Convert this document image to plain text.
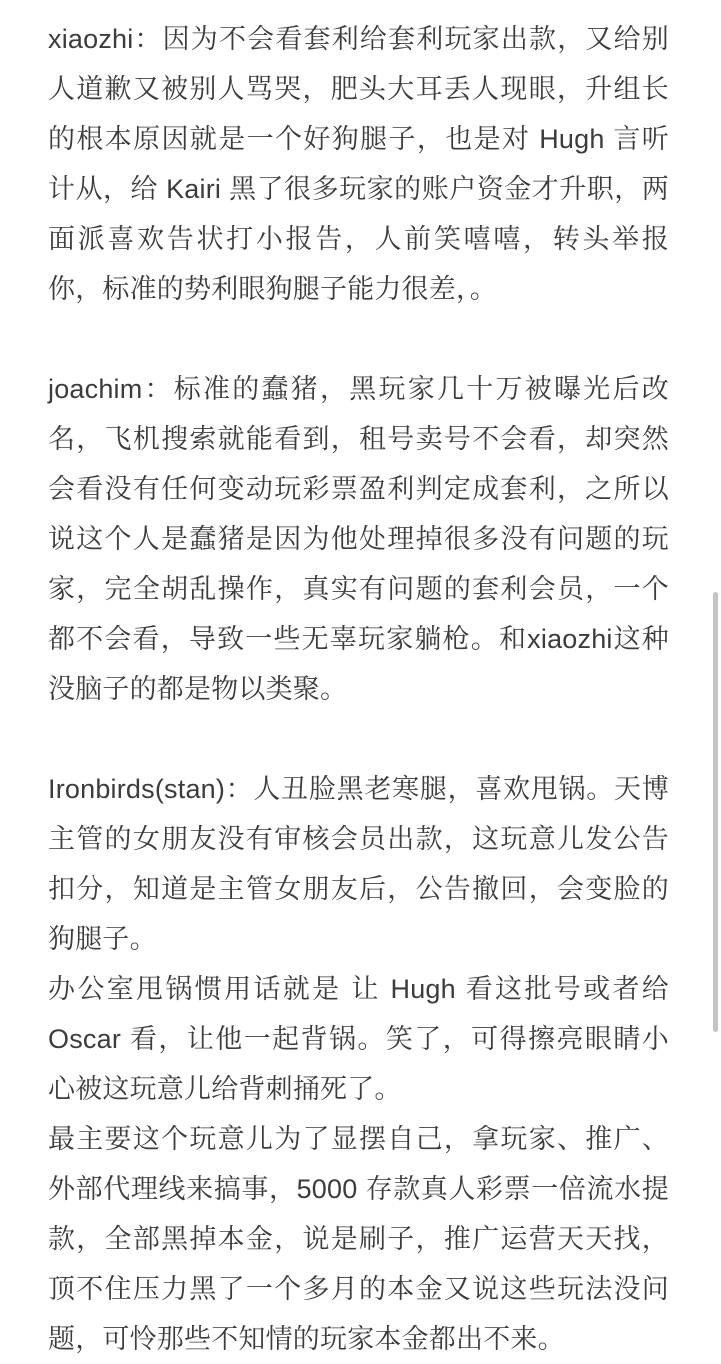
xiaozhi：因为不会看套利给套利玩家出款，又给别人道歉又被别人骂哭，肥头大耳丢人现眼，升组长的根本原因就是一个好狗腿子，也是对 Hugh 言听计从，给 Kairi 黑了很多玩家的账户资金才升职，两面派喜欢告状打小报告，人前笑嘻嘻，转头举报你，标准的势利眼狗腿子能力很差，。

joachim：标准的蠢猪，黑玩家几十万被曝光后改名，飞机搜索就能看到，租号卖号不会看，却突然会看没有任何变动玩彩票盈利判定成套利，之所以说这个人是蠢猪是因为他处理掉很多没有问题的玩家，完全胡乱操作，真实有问题的套利会员，一个都不会看，导致一些无辜玩家躺枪。和xiaozhi这种没脑子的都是物以类聚。

Ironbirds(stan)：人丑脸黑老寒腿，喜欢甩锅。天博主管的女朋友没有审核会员出款，这玩意儿发公告扣分，知道是主管女朋友后，公告撤回，会变脸的狗腿子。

办公室甩锅惯用话就是 让 Hugh 看这批号或者给 Oscar 看，让他一起背锅。笑了，可得擦亮眼睛小心被这玩意儿给背刺捅死了。

最主要这个玩意儿为了显摆自己，拿玩家、推广、外部代理线来搞事，5000 存款真人彩票一倍流水提款，全部黑掉本金，说是刷子，推广运营天天找，顶不住压力黑了一个多月的本金又说这些玩法没问题，可怜那些不知情的玩家本金都出不来。
